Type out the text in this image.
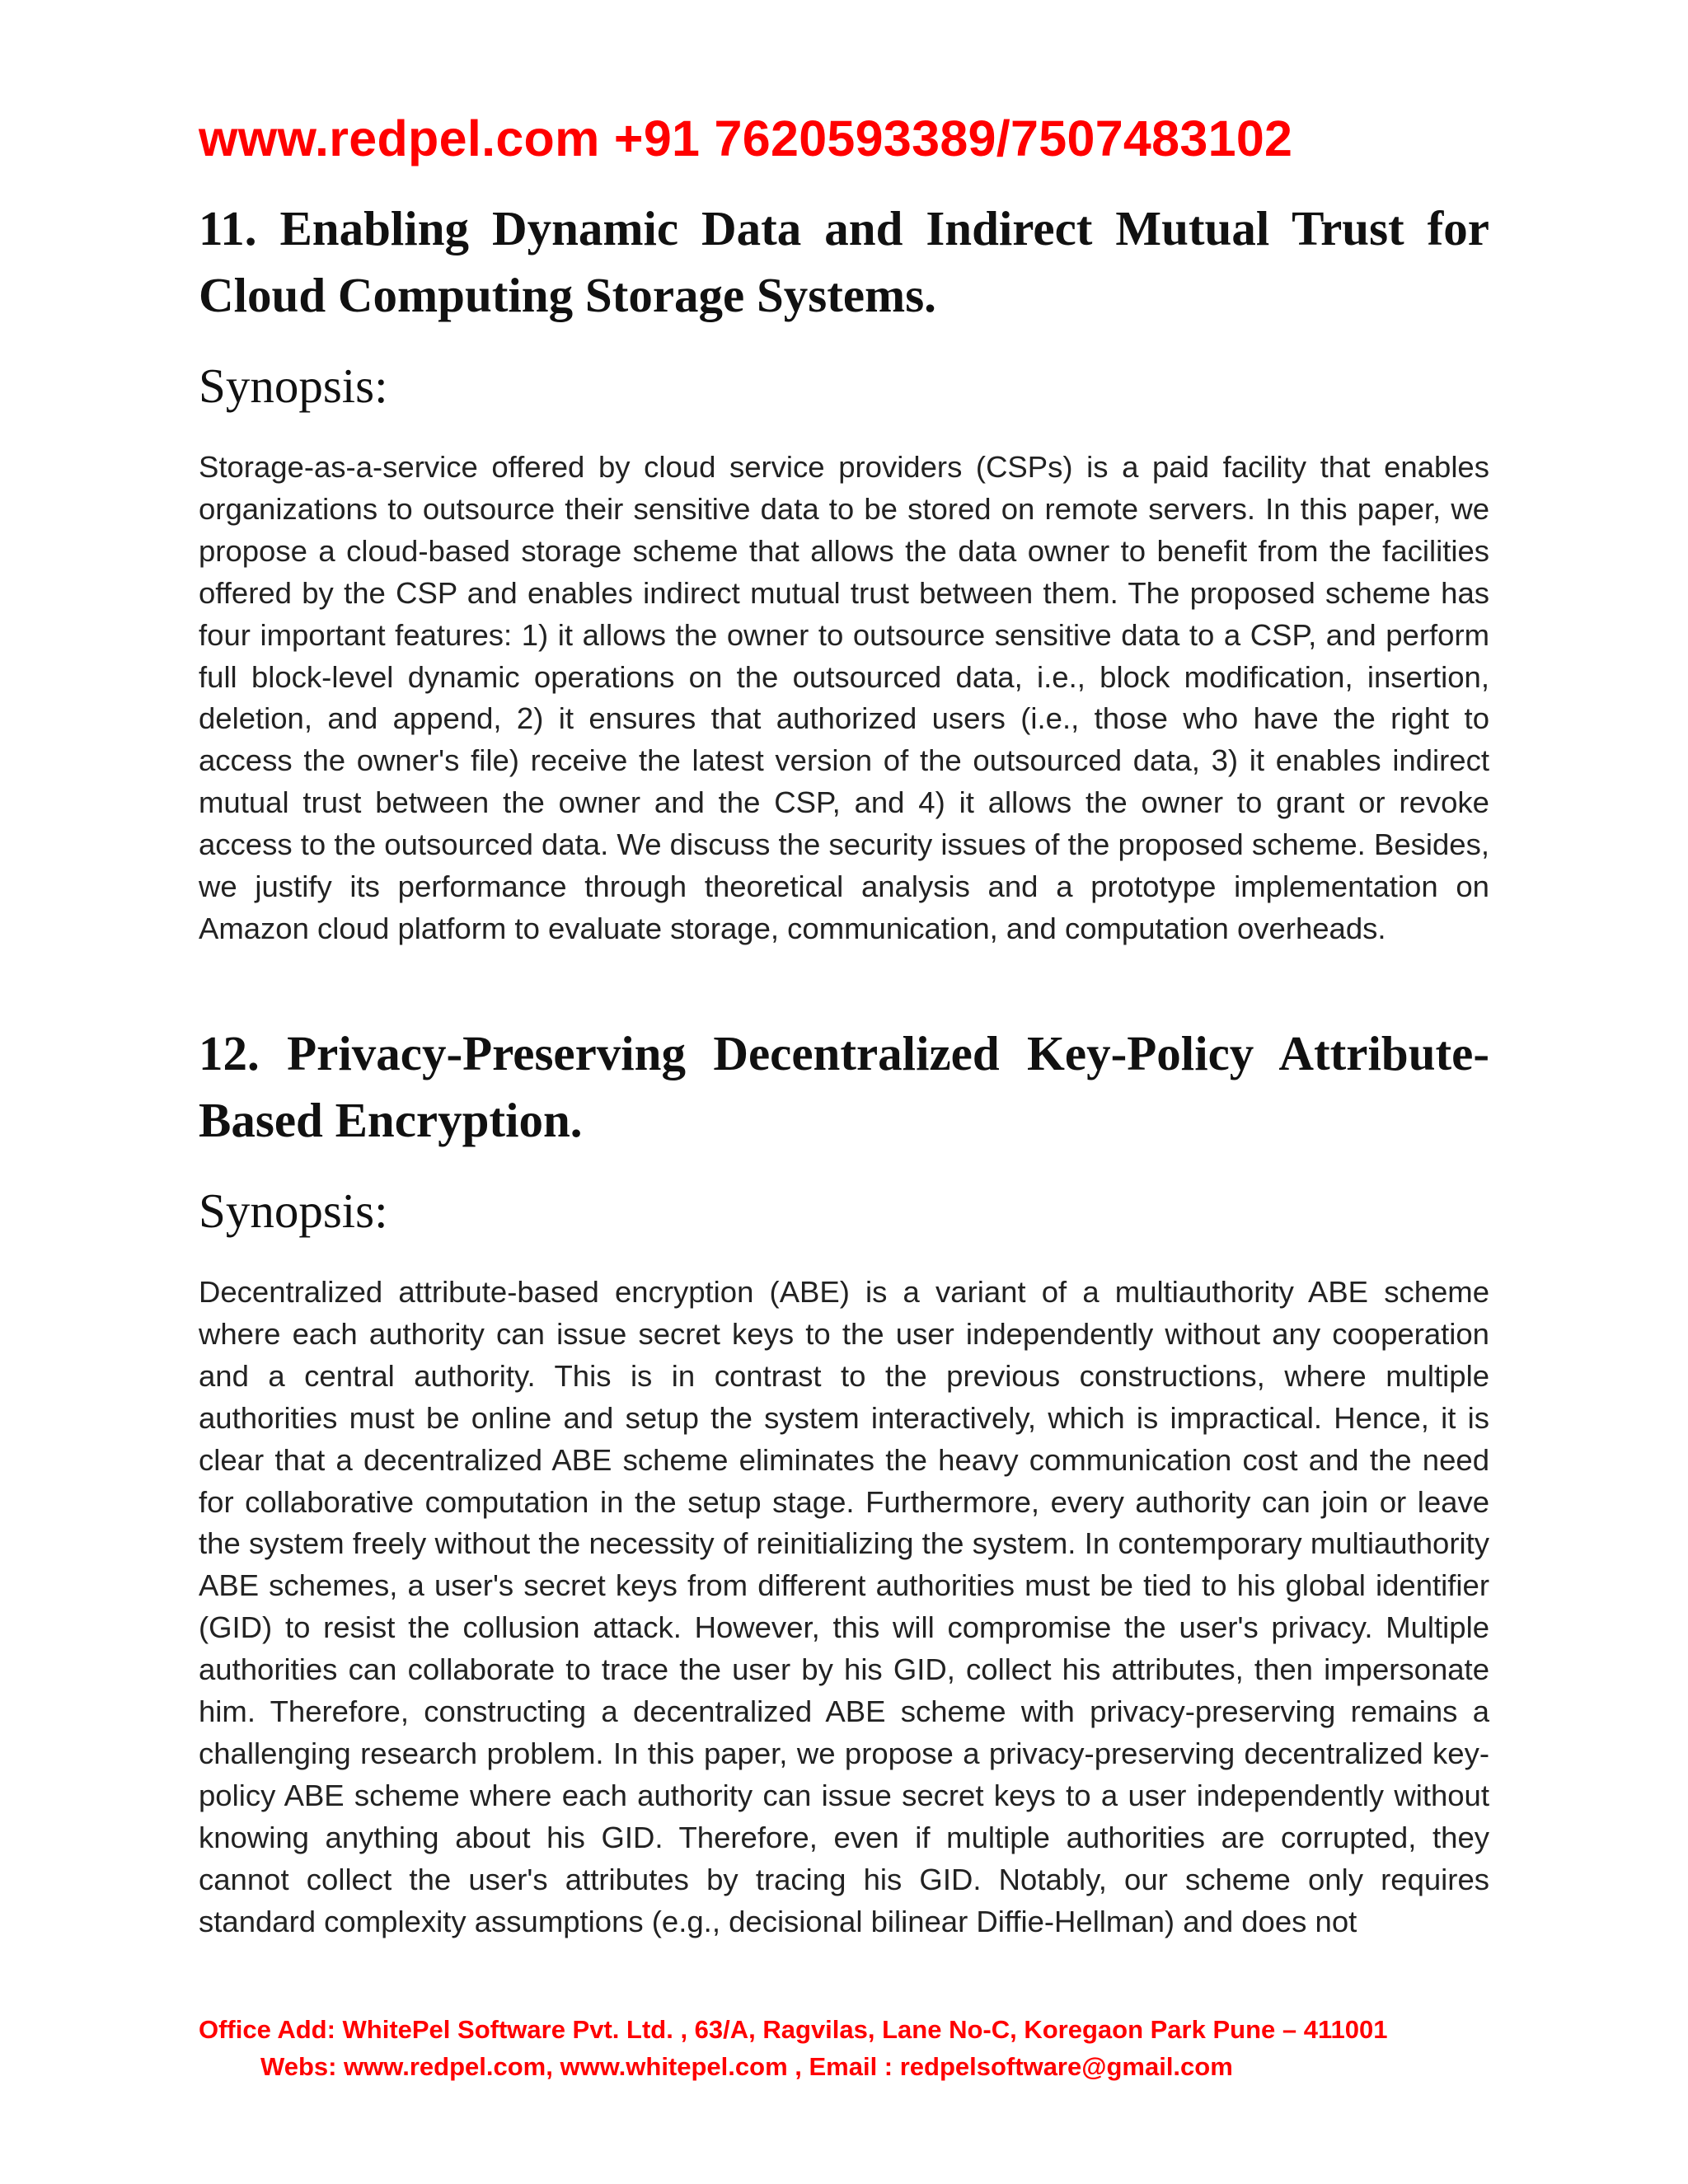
www.redpel.com +91 7620593389/7507483102
11. Enabling Dynamic Data and Indirect Mutual Trust for Cloud Computing Storage Systems.
Synopsis:

Storage-as-a-service offered by cloud service providers (CSPs) is a paid facility that enables organizations to outsource their sensitive data to be stored on remote servers. In this paper, we propose a cloud-based storage scheme that allows the data owner to benefit from the facilities offered by the CSP and enables indirect mutual trust between them. The proposed scheme has four important features: 1) it allows the owner to outsource sensitive data to a CSP, and perform full block-level dynamic operations on the outsourced data, i.e., block modification, insertion, deletion, and append, 2) it ensures that authorized users (i.e., those who have the right to access the owner's file) receive the latest version of the outsourced data, 3) it enables indirect mutual trust between the owner and the CSP, and 4) it allows the owner to grant or revoke access to the outsourced data. We discuss the security issues of the proposed scheme. Besides, we justify its performance through theoretical analysis and a prototype implementation on Amazon cloud platform to evaluate storage, communication, and computation overheads.

12. Privacy-Preserving Decentralized Key-Policy Attribute-Based Encryption.
Synopsis:

Decentralized attribute-based encryption (ABE) is a variant of a multiauthority ABE scheme where each authority can issue secret keys to the user independently without any cooperation and a central authority. This is in contrast to the previous constructions, where multiple authorities must be online and setup the system interactively, which is impractical. Hence, it is clear that a decentralized ABE scheme eliminates the heavy communication cost and the need for collaborative computation in the setup stage. Furthermore, every authority can join or leave the system freely without the necessity of reinitializing the system. In contemporary multiauthority ABE schemes, a user's secret keys from different authorities must be tied to his global identifier (GID) to resist the collusion attack. However, this will compromise the user's privacy. Multiple authorities can collaborate to trace the user by his GID, collect his attributes, then impersonate him. Therefore, constructing a decentralized ABE scheme with privacy-preserving remains a challenging research problem. In this paper, we propose a privacy-preserving decentralized key-policy ABE scheme where each authority can issue secret keys to a user independently without knowing anything about his GID. Therefore, even if multiple authorities are corrupted, they cannot collect the user's attributes by tracing his GID. Notably, our scheme only requires standard complexity assumptions (e.g., decisional bilinear Diffie-Hellman) and does not

Office Add: WhitePel Software Pvt. Ltd. , 63/A, Ragvilas, Lane No-C, Koregaon Park Pune – 411001
Webs: www.redpel.com, www.whitepel.com , Email : redpelsoftware@gmail.com
